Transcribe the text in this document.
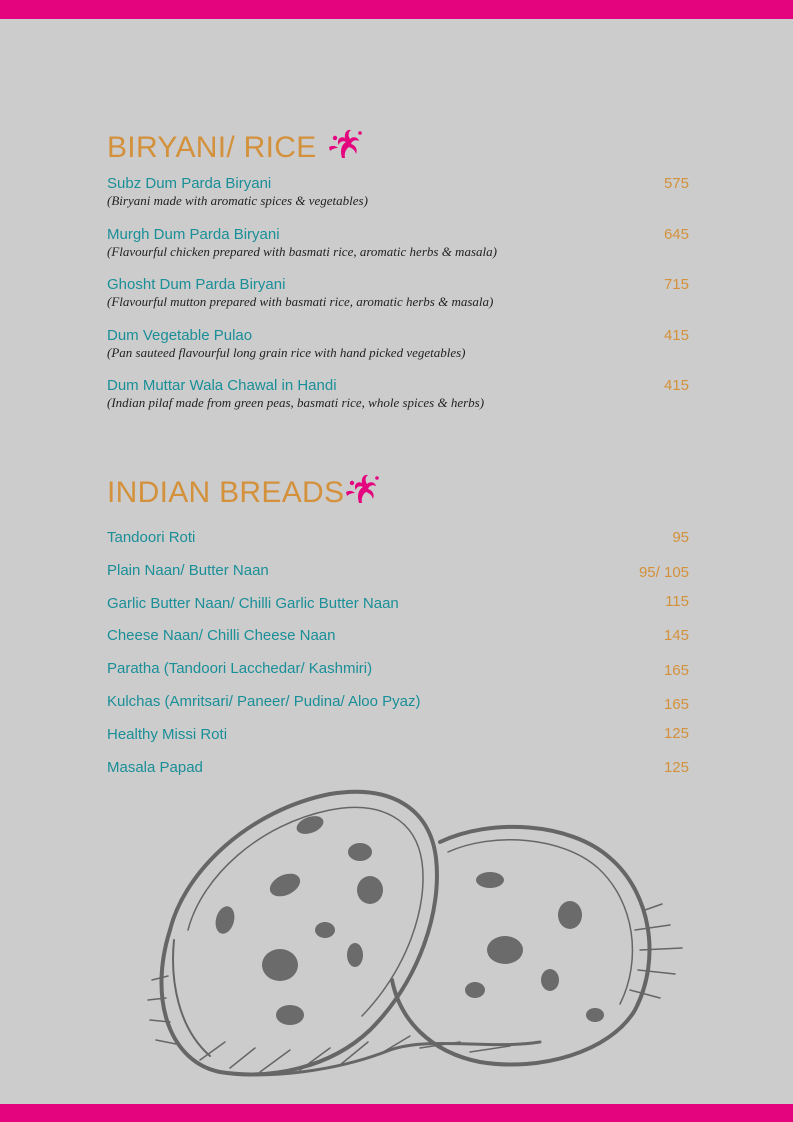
BIRYANI/ RICE
Subz Dum Parda Biryani
(Biryani made with aromatic spices & vegetables)
575
Murgh Dum Parda Biryani
(Flavourful chicken prepared with basmati rice, aromatic herbs & masala)
645
Ghosht Dum Parda Biryani
(Flavourful mutton prepared with basmati rice, aromatic herbs & masala)
715
Dum Vegetable Pulao
(Pan sauteed flavourful long grain rice with hand picked vegetables)
415
Dum Muttar Wala Chawal in Handi
(Indian pilaf made from green peas, basmati rice, whole spices & herbs)
415
INDIAN BREADS
Tandoori Roti	95
Plain Naan/ Butter Naan	95/ 105
Garlic Butter Naan/ Chilli Garlic Butter Naan	115
Cheese Naan/ Chilli Cheese Naan	145
Paratha (Tandoori Lacchedar/ Kashmiri)	165
Kulchas (Amritsari/ Paneer/ Pudina/ Aloo Pyaz)	165
Healthy Missi Roti	125
Masala Papad	125
